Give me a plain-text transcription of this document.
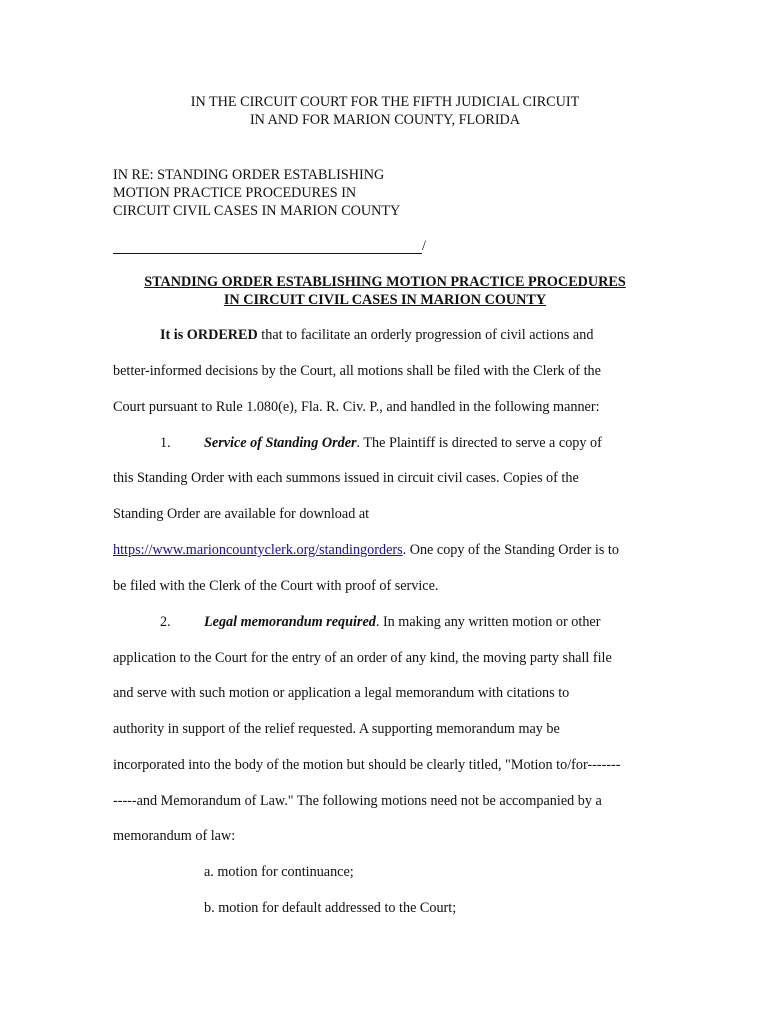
IN THE CIRCUIT COURT FOR THE FIFTH JUDICIAL CIRCUIT
IN AND FOR MARION COUNTY, FLORIDA
IN RE: STANDING ORDER ESTABLISHING
MOTION PRACTICE PROCEDURES IN
CIRCUIT CIVIL CASES IN MARION COUNTY
/
STANDING ORDER ESTABLISHING MOTION PRACTICE PROCEDURES
IN CIRCUIT CIVIL CASES IN MARION COUNTY
It is ORDERED that to facilitate an orderly progression of civil actions and
better-informed decisions by the Court, all motions shall be filed with the Clerk of the
Court pursuant to Rule 1.080(e), Fla. R. Civ. P., and handled in the following manner:
1. Service of Standing Order. The Plaintiff is directed to serve a copy of
this Standing Order with each summons issued in circuit civil cases. Copies of the
Standing Order are available for download at
https://www.marioncountyclerk.org/standingorders. One copy of the Standing Order is to
be filed with the Clerk of the Court with proof of service.
2. Legal memorandum required. In making any written motion or other
application to the Court for the entry of an order of any kind, the moving party shall file
and serve with such motion or application a legal memorandum with citations to
authority in support of the relief requested. A supporting memorandum may be
incorporated into the body of the motion but should be clearly titled, "Motion to/for-------
-----and Memorandum of Law." The following motions need not be accompanied by a
memorandum of law:
a. motion for continuance;
b. motion for default addressed to the Court;
